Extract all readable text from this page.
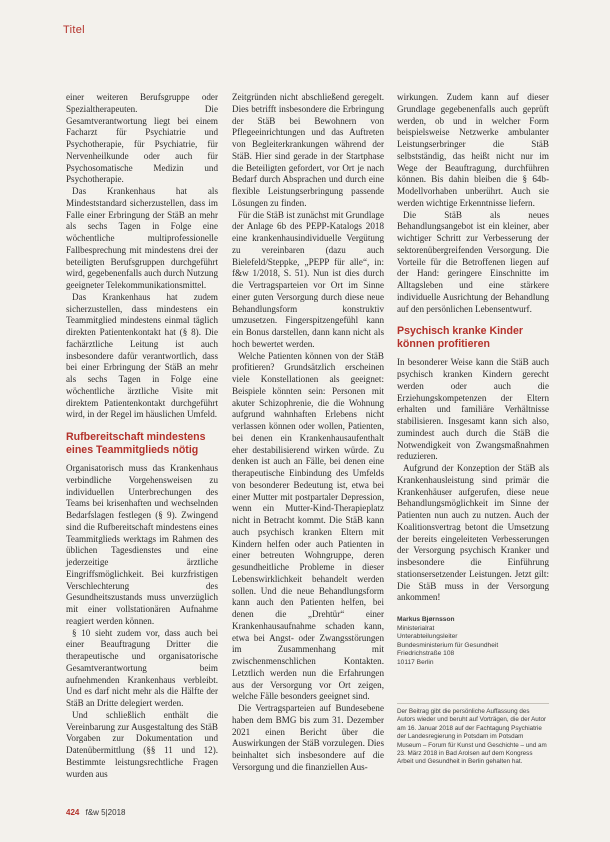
Titel

einer weiteren Berufsgruppe oder Spezialtherapeuten. Die Gesamtverantwortung liegt bei einem Facharzt für Psychiatrie und Psychotherapie, für Psychiatrie, für Nervenheilkunde oder auch für Psychosomatische Medizin und Psychotherapie.

Das Krankenhaus hat als Mindeststandard sicherzustellen, dass im Falle einer Erbringung der StäB an mehr als sechs Tagen in Folge eine wöchentliche multiprofessionelle Fallbesprechung mit mindestens drei der beteiligten Berufsgruppen durchgeführt wird, gegebenenfalls auch durch Nutzung geeigneter Telekommunikationsmittel.

Das Krankenhaus hat zudem sicherzustellen, dass mindestens ein Teammitglied mindestens einmal täglich direkten Patientenkontakt hat (§ 8). Die fachärztliche Leitung ist auch insbesondere dafür verantwortlich, dass bei einer Erbringung der StäB an mehr als sechs Tagen in Folge eine wöchentliche ärztliche Visite mit direktem Patientenkontakt durchgeführt wird, in der Regel im häuslichen Umfeld.

Rufbereitschaft mindestens eines Teammitglieds nötig

Organisatorisch muss das Krankenhaus verbindliche Vorgehensweisen zu individuellen Unterbrechungen des Teams bei krisenhaften und wechselnden Bedarfslagen festlegen (§ 9). Zwingend sind die Rufbereitschaft mindestens eines Teammitglieds werktags im Rahmen des üblichen Tagesdienstes und eine jederzeitige ärztliche Eingriffsmöglichkeit. Bei kurzfristigen Verschlechterung des Gesundheitszustands muss unverzüglich mit einer vollstationären Aufnahme reagiert werden können.

§ 10 sieht zudem vor, dass auch bei einer Beauftragung Dritter die therapeutische und organisatorische Gesamtverantwortung beim aufnehmenden Krankenhaus verbleibt. Und es darf nicht mehr als die Hälfte der StäB an Dritte delegiert werden.

Und schließlich enthält die Vereinbarung zur Ausgestaltung des StäB Vorgaben zur Dokumentation und Datenübermittlung (§§ 11 und 12). Bestimmte leistungsrechtliche Fragen wurden aus

Zeitgründen nicht abschließend geregelt. Dies betrifft insbesondere die Erbringung der StäB bei Bewohnern von Pflegeeinrichtungen und das Auftreten von Begleiterkrankungen während der StäB. Hier sind gerade in der Startphase die Beteiligten gefordert, vor Ort je nach Bedarf durch Absprachen und durch eine flexible Leistungserbringung passende Lösungen zu finden.

Für die StäB ist zunächst mit Grundlage der Anlage 6b des PEPP-Katalogs 2018 eine krankenhausindividuelle Vergütung zu vereinbaren (dazu auch Bielefeld/Steppke, „PEPP für alle“, in: f&w 1/2018, S. 51). Nun ist dies durch die Vertragsparteien vor Ort im Sinne einer guten Versorgung durch diese neue Behandlungsform konstruktiv umzusetzen. Fingerspitzengefühl kann ein Bonus darstellen, dann kann nicht als hoch bewertet werden.

Welche Patienten können von der StäB profitieren? Grundsätzlich erscheinen viele Konstellationen als geeignet: Beispiele könnten sein: Personen mit akuter Schizophrenie, die die Wohnung aufgrund wahnhaften Erlebens nicht verlassen können oder wollen, Patienten, bei denen ein Krankenhausaufenthalt eher destabilisierend wirken würde. Zu denken ist auch an Fälle, bei denen eine therapeutische Einbindung des Umfelds von besonderer Bedeutung ist, etwa bei einer Mutter mit postpartaler Depression, wenn ein Mutter-Kind-Therapieplatz nicht in Betracht kommt. Die StäB kann auch psychisch kranken Eltern mit Kindern helfen oder auch Patienten in einer betreuten Wohngruppe, deren gesundheitliche Probleme in dieser Lebenswirklichkeit behandelt werden sollen. Und die neue Behandlungsform kann auch den Patienten helfen, bei denen die „Drehtür“ einer Krankenhausaufnahme schaden kann, etwa bei Angst- oder Zwangsstörungen im Zusammenhang mit zwischenmenschlichen Kontakten. Letztlich werden nun die Erfahrungen aus der Versorgung vor Ort zeigen, welche Fälle besonders geeignet sind.

Die Vertragsparteien auf Bundesebene haben dem BMG bis zum 31. Dezember 2021 einen Bericht über die Auswirkungen der StäB vorzulegen. Dies beinhaltet sich insbesondere auf die Versorgung und die finanziellen Aus-

wirkungen. Zudem kann auf dieser Grundlage gegebenenfalls auch geprüft werden, ob und in welcher Form beispielsweise Netzwerke ambulanter Leistungserbringer die StäB selbstständig, das heißt nicht nur im Wege der Beauftragung, durchführen können. Bis dahin bleiben die § 64b-Modellvorhaben unberührt. Auch sie werden wichtige Erkenntnisse liefern.

Die StäB als neues Behandlungsangebot ist ein kleiner, aber wichtiger Schritt zur Verbesserung der sektorenübergreifenden Versorgung. Die Vorteile für die Betroffenen liegen auf der Hand: geringere Einschnitte im Alltagsleben und eine stärkere individuelle Ausrichtung der Behandlung auf den persönlichen Lebensentwurf.

Psychisch kranke Kinder können profitieren

In besonderer Weise kann die StäB auch psychisch kranken Kindern gerecht werden oder auch die Erziehungskompetenzen der Eltern erhalten und familiäre Verhältnisse stabilisieren. Insgesamt kann sich also, zumindest auch durch die StäB die Notwendigkeit von Zwangsmaßnahmen reduzieren.

Aufgrund der Konzeption der StäB als Krankenhausleistung sind primär die Krankenhäuser aufgerufen, diese neue Behandlungsmöglichkeit im Sinne der Patienten nun auch zu nutzen. Auch der Koalitionsvertrag betont die Umsetzung der bereits eingeleiteten Verbesserungen der Versorgung psychisch Kranker und insbesondere die Einführung stationsersetzender Leistungen. Jetzt gilt: Die StäB muss in der Versorgung ankommen!

Markus Bjørnsson
Ministerialrat
Unterabteilungsleiter
Bundesministerium für Gesundheit
Friedrichstraße 108
10117 Berlin
Der Beitrag gibt die persönliche Auffassung des Autors wieder und beruht auf Vorträgen, die der Autor am 16. Januar 2018 auf der Fachtagung Psychiatrie der Landesregierung in Potsdam im Potsdam Museum – Forum für Kunst und Geschichte – und am 23. März 2018 in Bad Arolsen auf dem Kongress Arbeit und Gesundheit in Berlin gehalten hat.
424 f&w 5|2018
